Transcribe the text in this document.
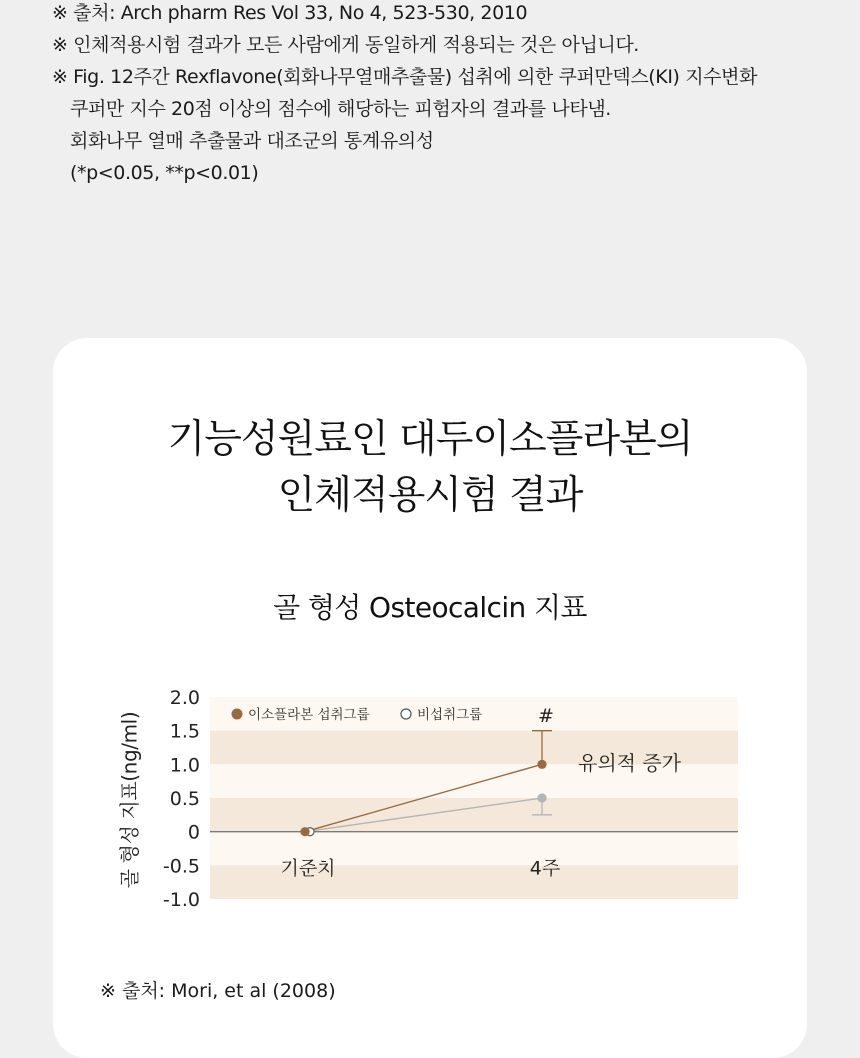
※ 출처: Arch pharm Res Vol 33, No 4, 523-530, 2010
※ 인체적용시험 결과가 모든 사람에게 동일하게 적용되는 것은 아닙니다.
※ Fig. 12주간 Rexflavone(회화나무열매추출물) 섭취에 의한 쿠퍼만덱스(KI) 지수변화
쿠퍼만 지수 20점 이상의 점수에 해당하는 피험자의 결과를 나타냄.
회화나무 열매 추출물과 대조군의 통계유의성
(*p<0.05, **p<0.01)
기능성원료인 대두이소플라본의
인체적용시험 결과
골 형성 Osteocalcin 지표
골 형성 지표(ng/ml)
2.0
1.5
1.0
0.5
0
-0.5
-1.0
기준치	4주
#
유의적 증가
이소플라본 섭취그룹	비섭취그룹
※ 출처: Mori, et al (2008)
